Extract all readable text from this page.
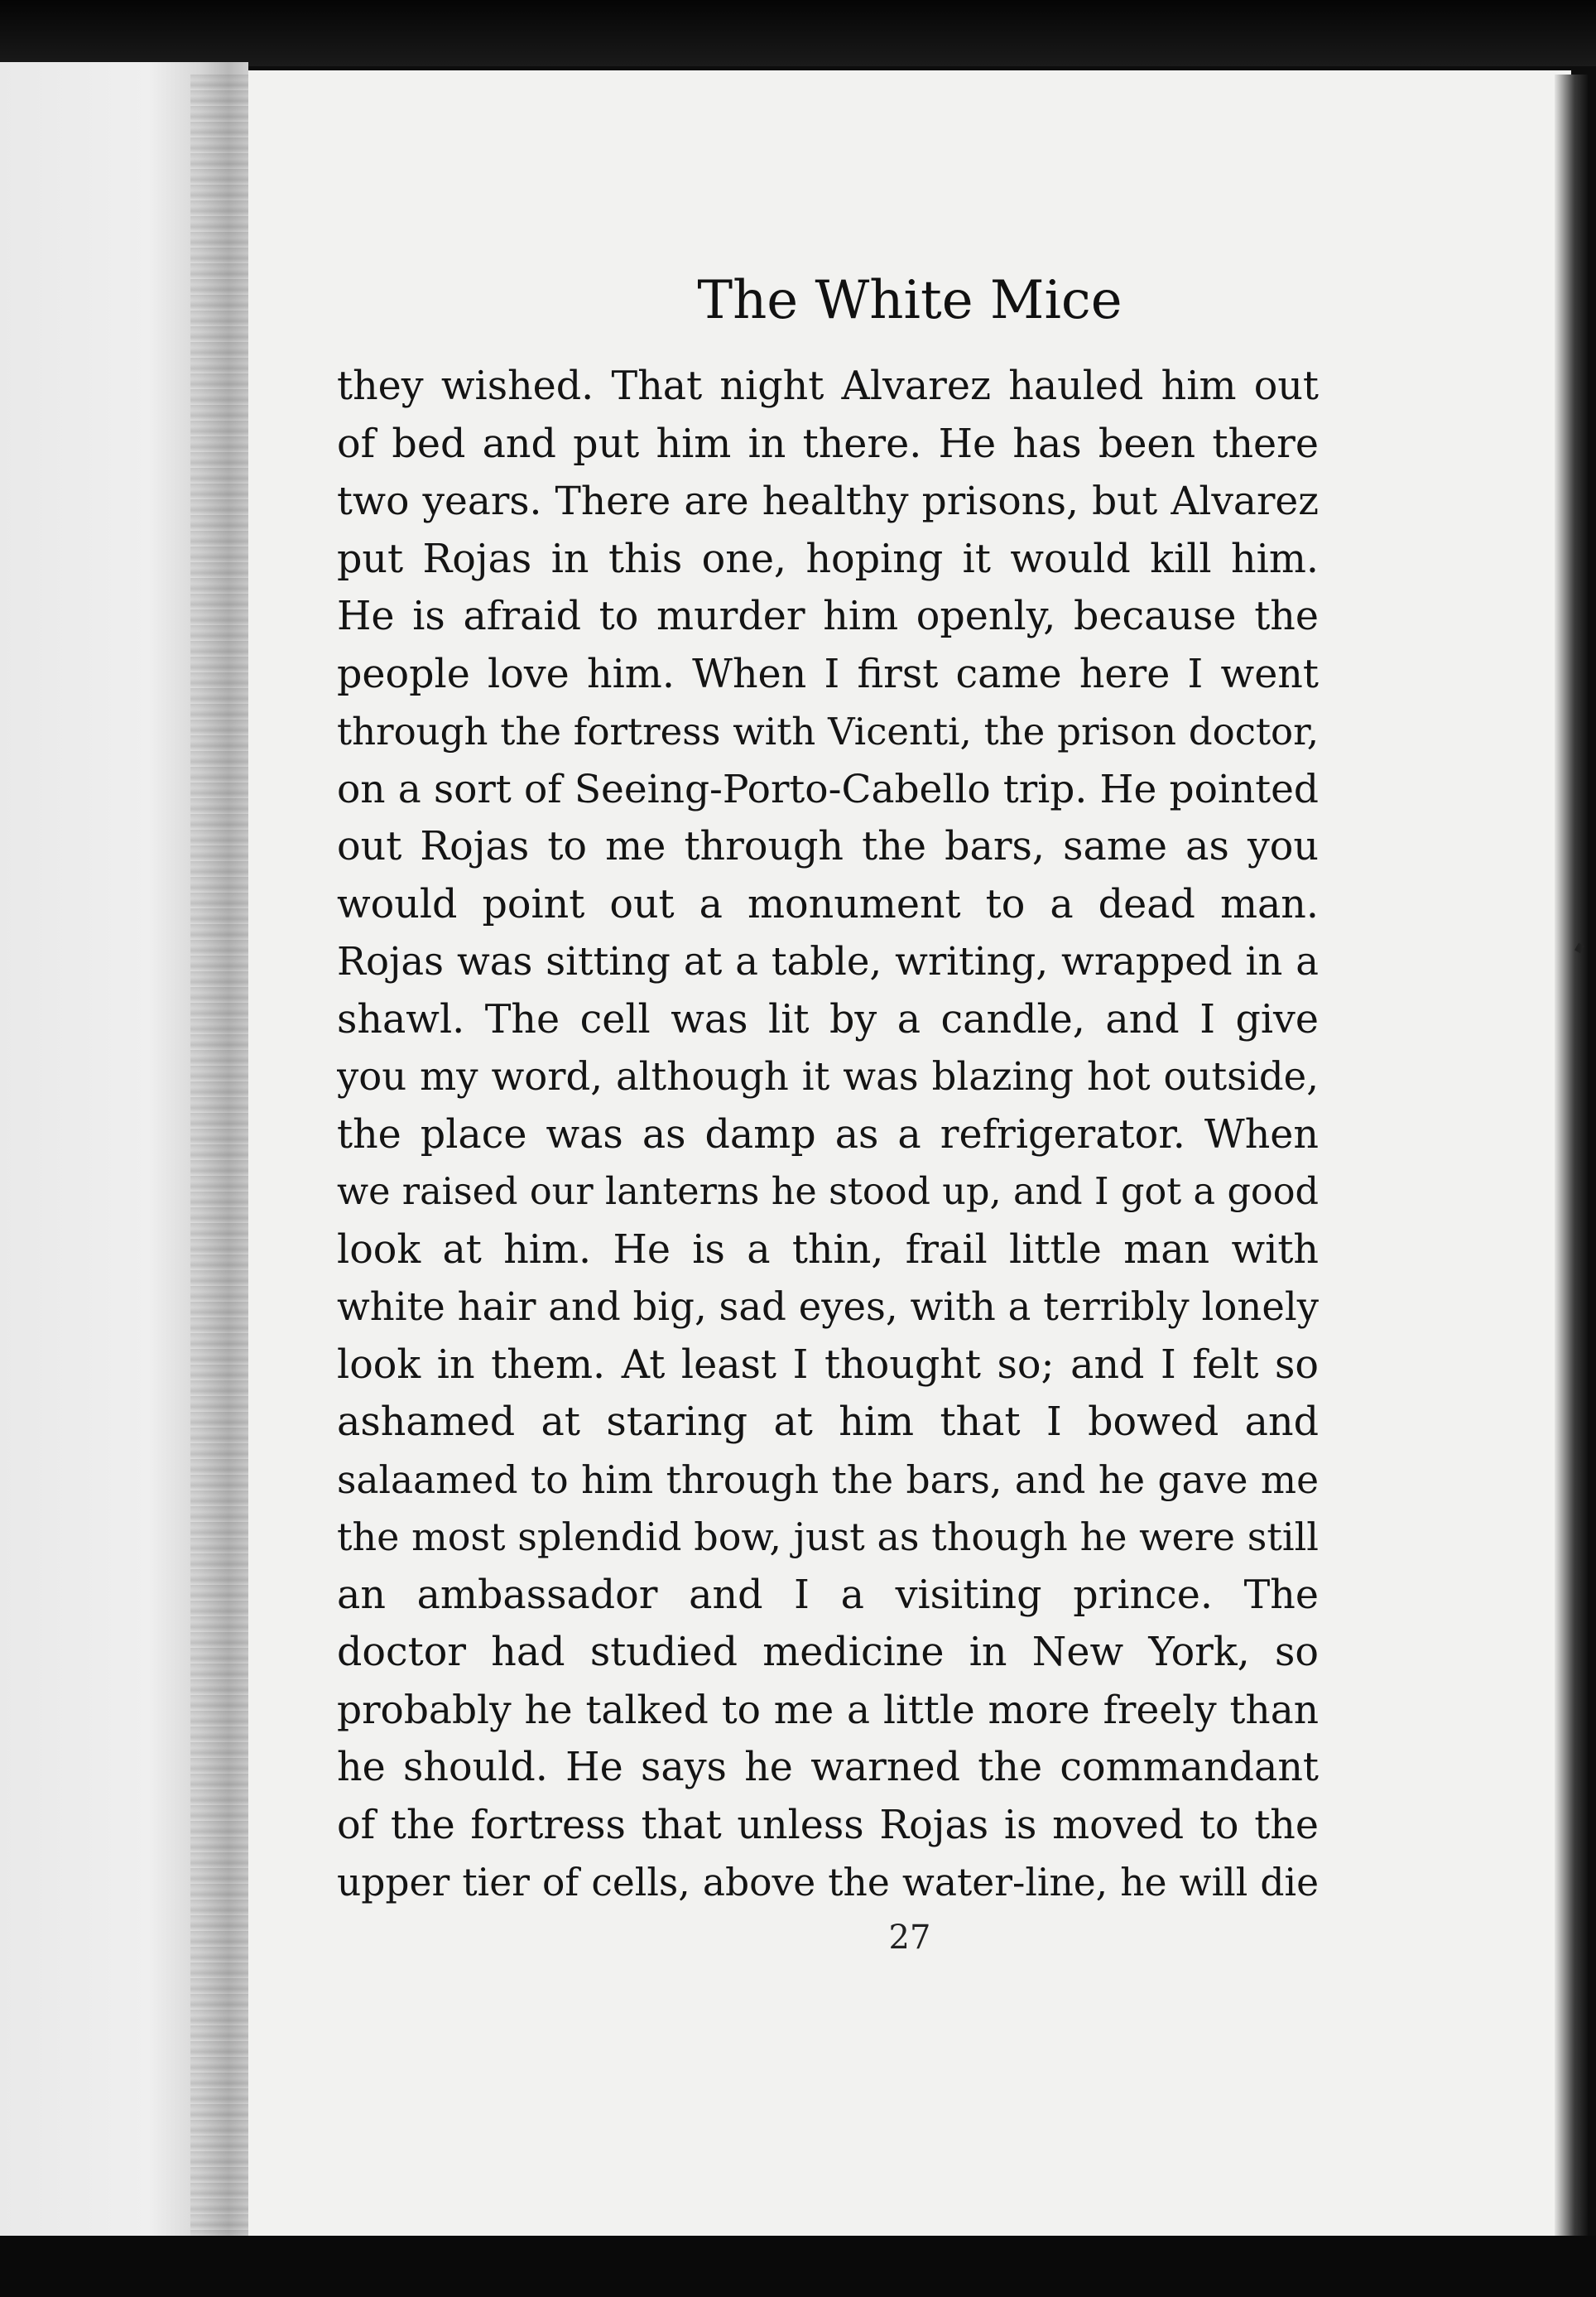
The White Mice
they wished. That night Alvarez hauled him out
of bed and put him in there. He has been there
two years. There are healthy prisons, but Alvarez
put Rojas in this one, hoping it would kill him.
He is afraid to murder him openly, because the
people love him. When I first came here I went
through the fortress with Vicenti, the prison doctor,
on a sort of Seeing-Porto-Cabello trip. He pointed
out Rojas to me through the bars, same as you
would point out a monument to a dead man.
Rojas was sitting at a table, writing, wrapped in a
shawl. The cell was lit by a candle, and I give
you my word, although it was blazing hot outside,
the place was as damp as a refrigerator. When
we raised our lanterns he stood up, and I got a good
look at him. He is a thin, frail little man with
white hair and big, sad eyes, with a terribly lonely
look in them. At least I thought so; and I felt so
ashamed at staring at him that I bowed and
salaamed to him through the bars, and he gave me
the most splendid bow, just as though he were still
an ambassador and I a visiting prince. The
doctor had studied medicine in New York, so
probably he talked to me a little more freely than
he should. He says he warned the commandant
of the fortress that unless Rojas is moved to the
upper tier of cells, above the water-line, he will die
27
